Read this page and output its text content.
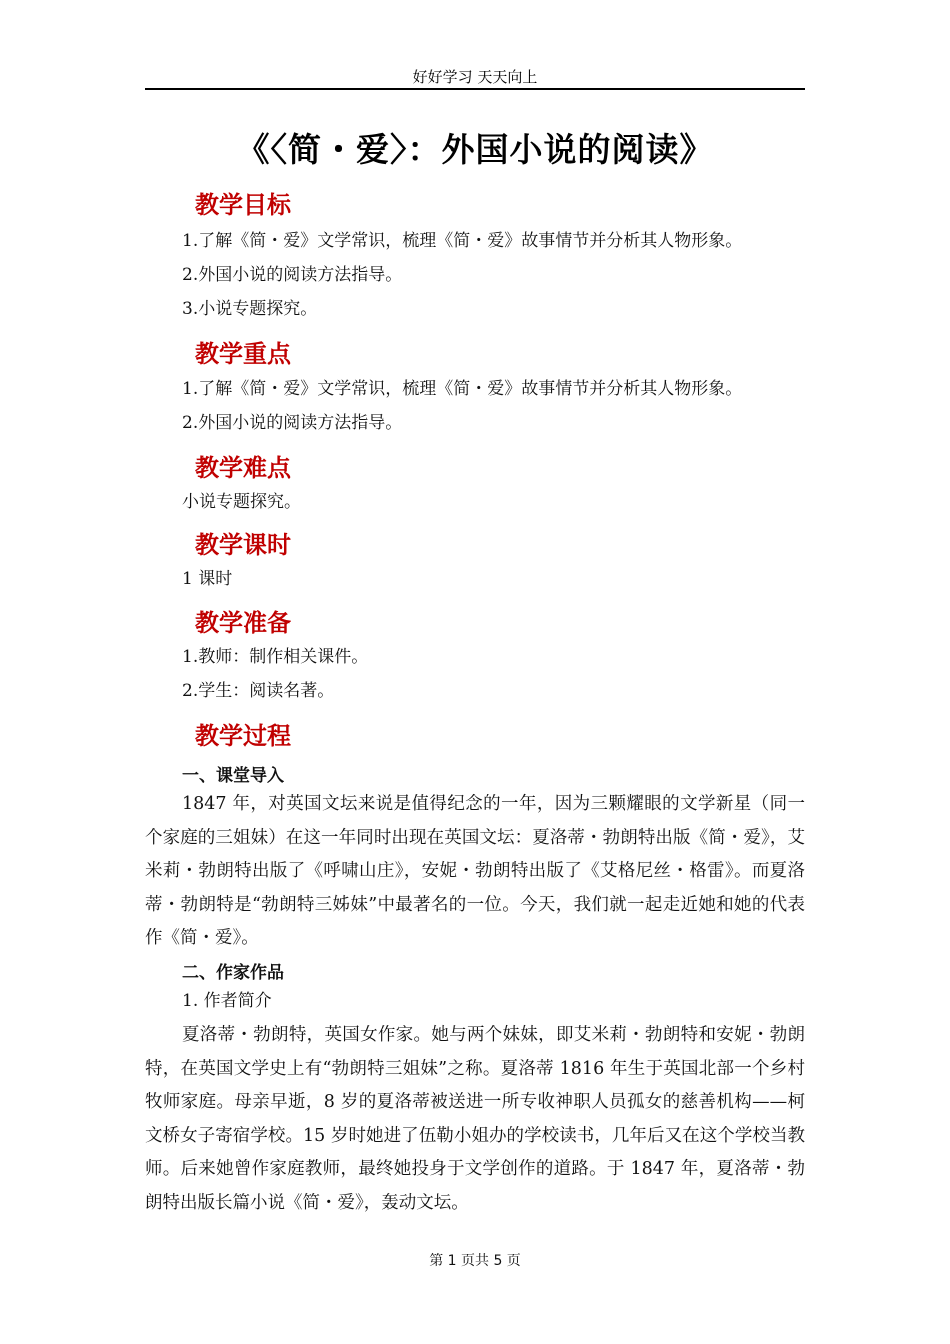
好好学习 天天向上
《〈简・爱〉：外国小说的阅读》
教学目标
1.了解《简・爱》文学常识，梳理《简・爱》故事情节并分析其人物形象。
2.外国小说的阅读方法指导。
3.小说专题探究。
教学重点
1.了解《简・爱》文学常识，梳理《简・爱》故事情节并分析其人物形象。
2.外国小说的阅读方法指导。
教学难点
小说专题探究。
教学课时
1 课时
教学准备
1.教师：制作相关课件。
2.学生：阅读名著。
教学过程
一、课堂导入

1847 年，对英国文坛来说是值得纪念的一年，因为三颗耀眼的文学新星（同一个家庭的三姐妹）在这一年同时出现在英国文坛：夏洛蒂・勃朗特出版《简・爱》，艾米莉・勃朗特出版了《呼啸山庄》，安妮・勃朗特出版了《艾格尼丝・格雷》。而夏洛蒂・勃朗特是“勃朗特三姊妹”中最著名的一位。今天，我们就一起走近她和她的代表作《简・爱》。

二、作家作品
1. 作者简介

夏洛蒂・勃朗特，英国女作家。她与两个妹妹，即艾米莉・勃朗特和安妮・勃朗特，在英国文学史上有“勃朗特三姐妹”之称。夏洛蒂 1816 年生于英国北部一个乡村牧师家庭。母亲早逝，8 岁的夏洛蒂被送进一所专收神职人员孤女的慈善机构——柯文桥女子寄宿学校。15 岁时她进了伍勒小姐办的学校读书，几年后又在这个学校当教师。后来她曾作家庭教师，最终她投身于文学创作的道路。于 1847 年，夏洛蒂・勃朗特出版长篇小说《简・爱》，轰动文坛。

第 1 页共 5 页
